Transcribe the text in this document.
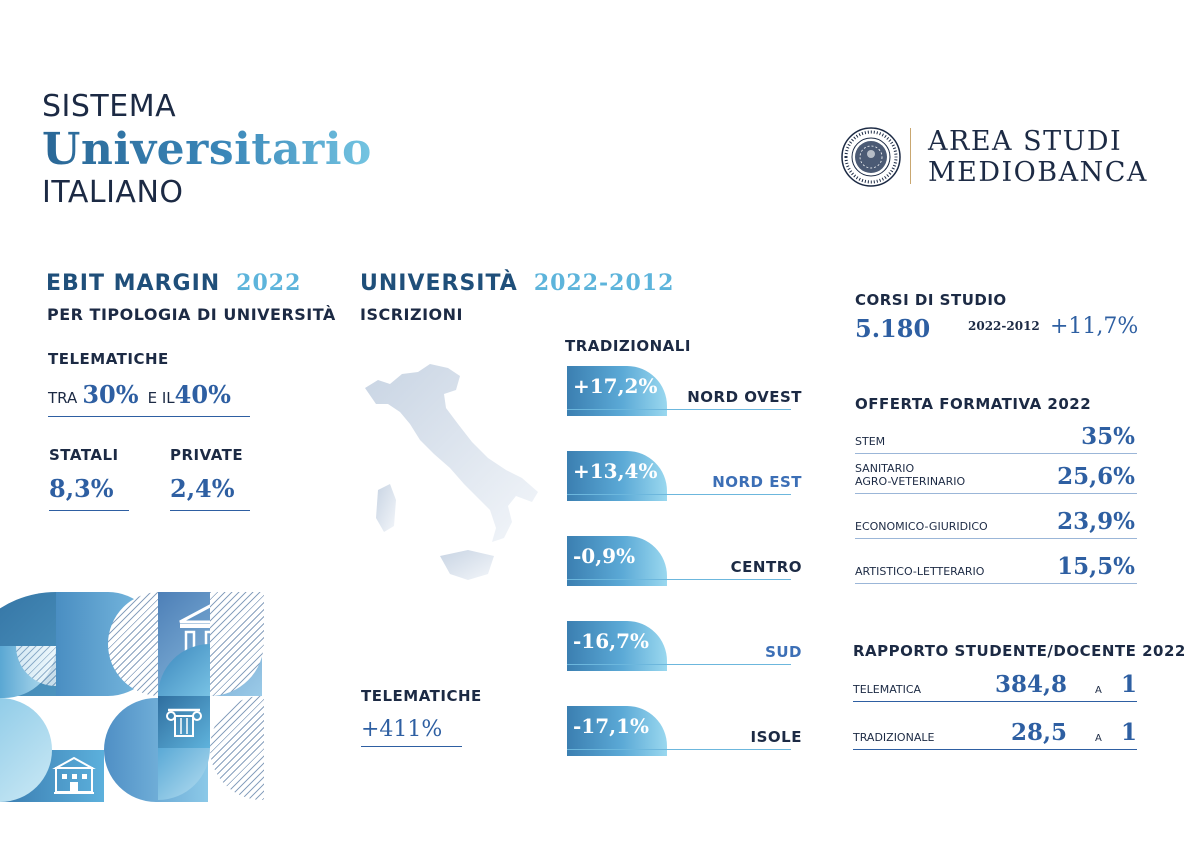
SISTEMA
Universitario
ITALIANO
AREA STUDI
MEDIOBANCA
EBIT MARGIN 2022
PER TIPOLOGIA DI UNIVERSITÀ
TELEMATICHE
TRA 30% E IL40%
STATALI
8,3%
PRIVATE
2,4%
UNIVERSITÀ 2022-2012
ISCRIZIONI
TRADIZIONALI
+17,2%	NORD OVEST
+13,4%	NORD EST
-0,9%	CENTRO
-16,7%	SUD
-17,1%	ISOLE
TELEMATICHE
+411%
CORSI DI STUDIO
5.180	2022-2012 +11,7%
OFFERTA FORMATIVA 2022
STEM	35%
SANITARIO
AGRO-VETERINARIO	25,6%
ECONOMICO-GIURIDICO	23,9%
ARTISTICO-LETTERARIO	15,5%
RAPPORTO STUDENTE/DOCENTE 2022
TELEMATICA	384,8	A 1
TRADIZIONALE	28,5	A 1
